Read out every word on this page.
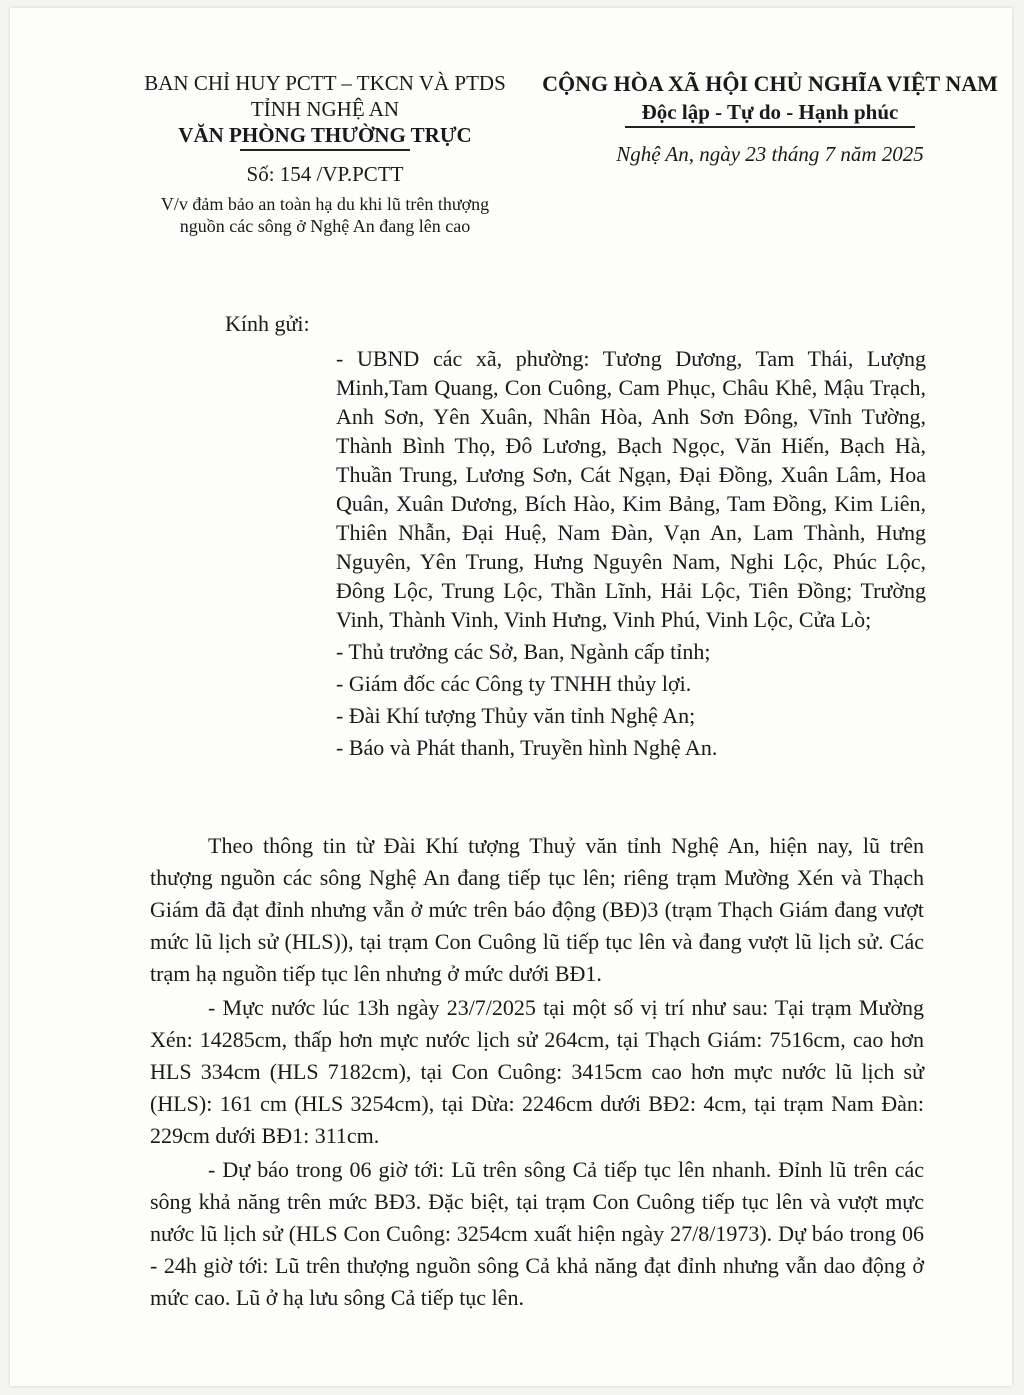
BAN CHỈ HUY PCTT – TKCN VÀ PTDS
TỈNH NGHỆ AN
VĂN PHÒNG THƯỜNG TRỰC
Số: 154 /VP.PCTT
V/v đảm bảo an toàn hạ du khi lũ trên thượng
nguồn các sông ở Nghệ An đang lên cao
CỘNG HÒA XÃ HỘI CHỦ NGHĨA VIỆT NAM
Độc lập - Tự do - Hạnh phúc
Nghệ An, ngày 23 tháng 7 năm 2025
Kính gửi:

- UBND các xã, phường: Tương Dương, Tam Thái, Lượng Minh,Tam Quang, Con Cuông, Cam Phục, Châu Khê, Mậu Trạch, Anh Sơn, Yên Xuân, Nhân Hòa, Anh Sơn Đông, Vĩnh Tường, Thành Bình Thọ, Đô Lương, Bạch Ngọc, Văn Hiến, Bạch Hà, Thuần Trung, Lương Sơn, Cát Ngạn, Đại Đồng, Xuân Lâm, Hoa Quân, Xuân Dương, Bích Hào, Kim Bảng, Tam Đồng, Kim Liên, Thiên Nhẫn, Đại Huệ, Nam Đàn, Vạn An, Lam Thành, Hưng Nguyên, Yên Trung, Hưng Nguyên Nam, Nghi Lộc, Phúc Lộc, Đông Lộc, Trung Lộc, Thần Lĩnh, Hải Lộc, Tiên Đồng; Trường Vinh, Thành Vinh, Vinh Hưng, Vinh Phú, Vinh Lộc, Cửa Lò;

- Thủ trưởng các Sở, Ban, Ngành cấp tỉnh;

- Giám đốc các Công ty TNHH thủy lợi.

- Đài Khí tượng Thủy văn tỉnh Nghệ An;

- Báo và Phát thanh, Truyền hình Nghệ An.

Theo thông tin từ Đài Khí tượng Thuỷ văn tỉnh Nghệ An, hiện nay, lũ trên thượng nguồn các sông Nghệ An đang tiếp tục lên; riêng trạm Mường Xén và Thạch Giám đã đạt đỉnh nhưng vẫn ở mức trên báo động (BĐ)3 (trạm Thạch Giám đang vượt mức lũ lịch sử (HLS)), tại trạm Con Cuông lũ tiếp tục lên và đang vượt lũ lịch sử. Các trạm hạ nguồn tiếp tục lên nhưng ở mức dưới BĐ1.

- Mực nước lúc 13h ngày 23/7/2025 tại một số vị trí như sau: Tại trạm Mường Xén: 14285cm, thấp hơn mực nước lịch sử 264cm, tại Thạch Giám: 7516cm, cao hơn HLS 334cm (HLS 7182cm), tại Con Cuông: 3415cm cao hơn mực nước lũ lịch sử (HLS): 161 cm (HLS 3254cm), tại Dừa: 2246cm dưới BĐ2: 4cm, tại trạm Nam Đàn: 229cm dưới BĐ1: 311cm.

- Dự báo trong 06 giờ tới: Lũ trên sông Cả tiếp tục lên nhanh. Đỉnh lũ trên các sông khả năng trên mức BĐ3. Đặc biệt, tại trạm Con Cuông tiếp tục lên và vượt mực nước lũ lịch sử (HLS Con Cuông: 3254cm xuất hiện ngày 27/8/1973). Dự báo trong 06 - 24h giờ tới: Lũ trên thượng nguồn sông Cả khả năng đạt đỉnh nhưng vẫn dao động ở mức cao. Lũ ở hạ lưu sông Cả tiếp tục lên.
